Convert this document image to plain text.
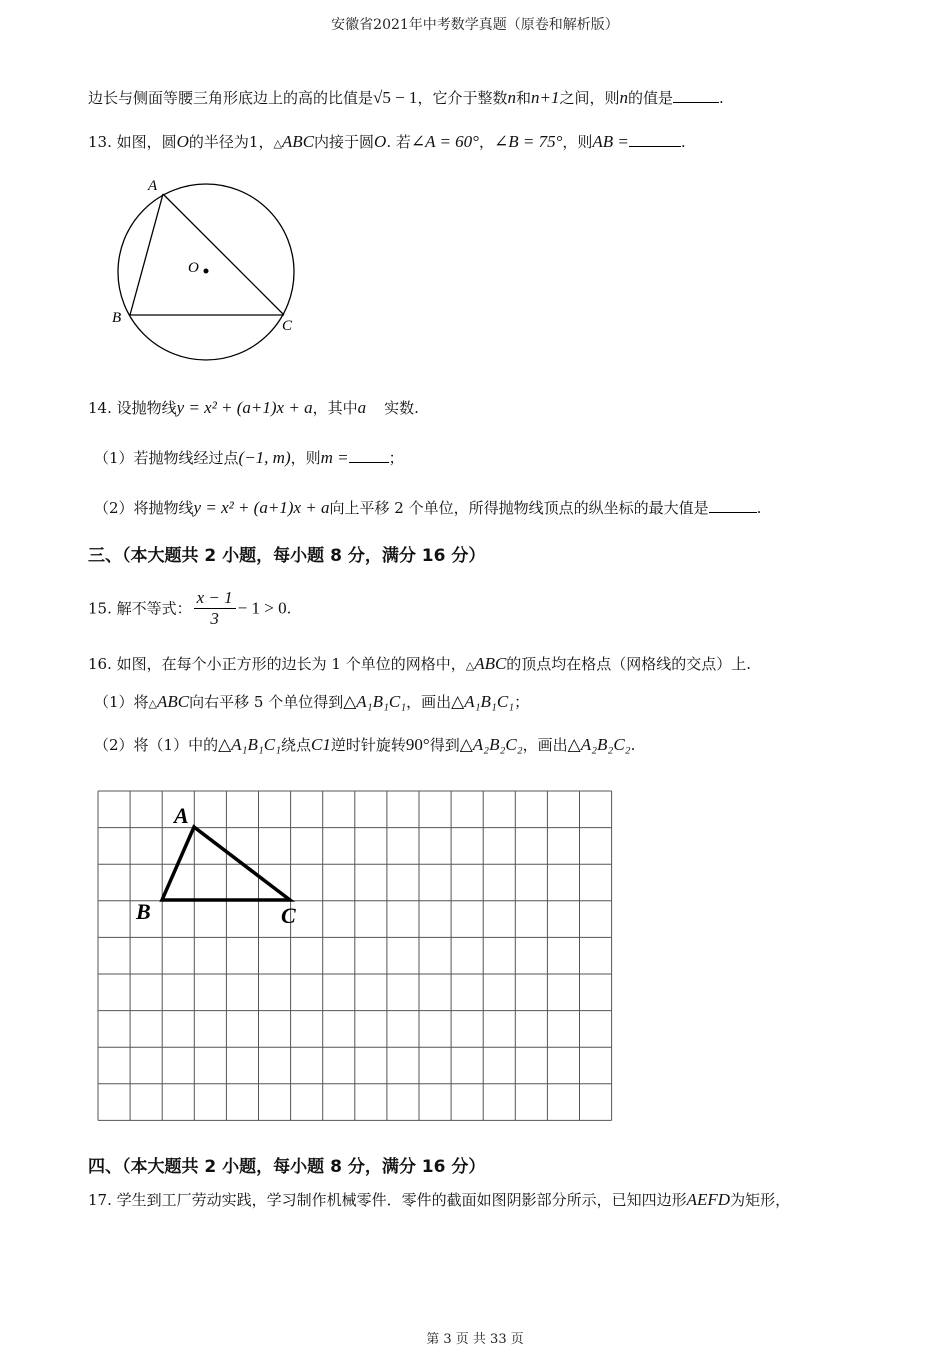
安徽省2021年中考数学真题（原卷和解析版）
边长与侧面等腰三角形底边上的高的比值是√5 − 1，它介于整数n和n+1之间，则n的值是	.
13. 如图，圆O的半径为1，△ABC内接于圆O. 若∠A = 60°，∠B = 75°，则AB =	.
A
B	C
O
14. 设抛物线y = x² + (a+1)x + a，其中a 实数.
（1）若抛物线经过点(−1, m)，则m =	；
（2）将抛物线y = x² + (a+1)x + a向上平移 2 个单位，所得抛物线顶点的纵坐标的最大值是	.
三、（本大题共 2 小题，每小题 8 分，满分 16 分）
15. 解不等式： $\frac{x - 1}{3} - 1 > 0$.
16. 如图，在每个小正方形的边长为 1 个单位的网格中，△ABC的顶点均在格点（网格线的交点）上.
（1）将△ABC向右平移 5 个单位得到△A₁B₁C₁，画出△A₁B₁C₁；
（2）将（1）中的△A₁B₁C₁绕点C1逆时针旋转90°得到△A₂B₂C₂，画出△A₂B₂C₂.
A
B	C
四、（本大题共 2 小题，每小题 8 分，满分 16 分）
17. 学生到工厂劳动实践，学习制作机械零件．零件的截面如图阴影部分所示，已知四边形AEFD为矩形，
第 3 页 共 33 页
